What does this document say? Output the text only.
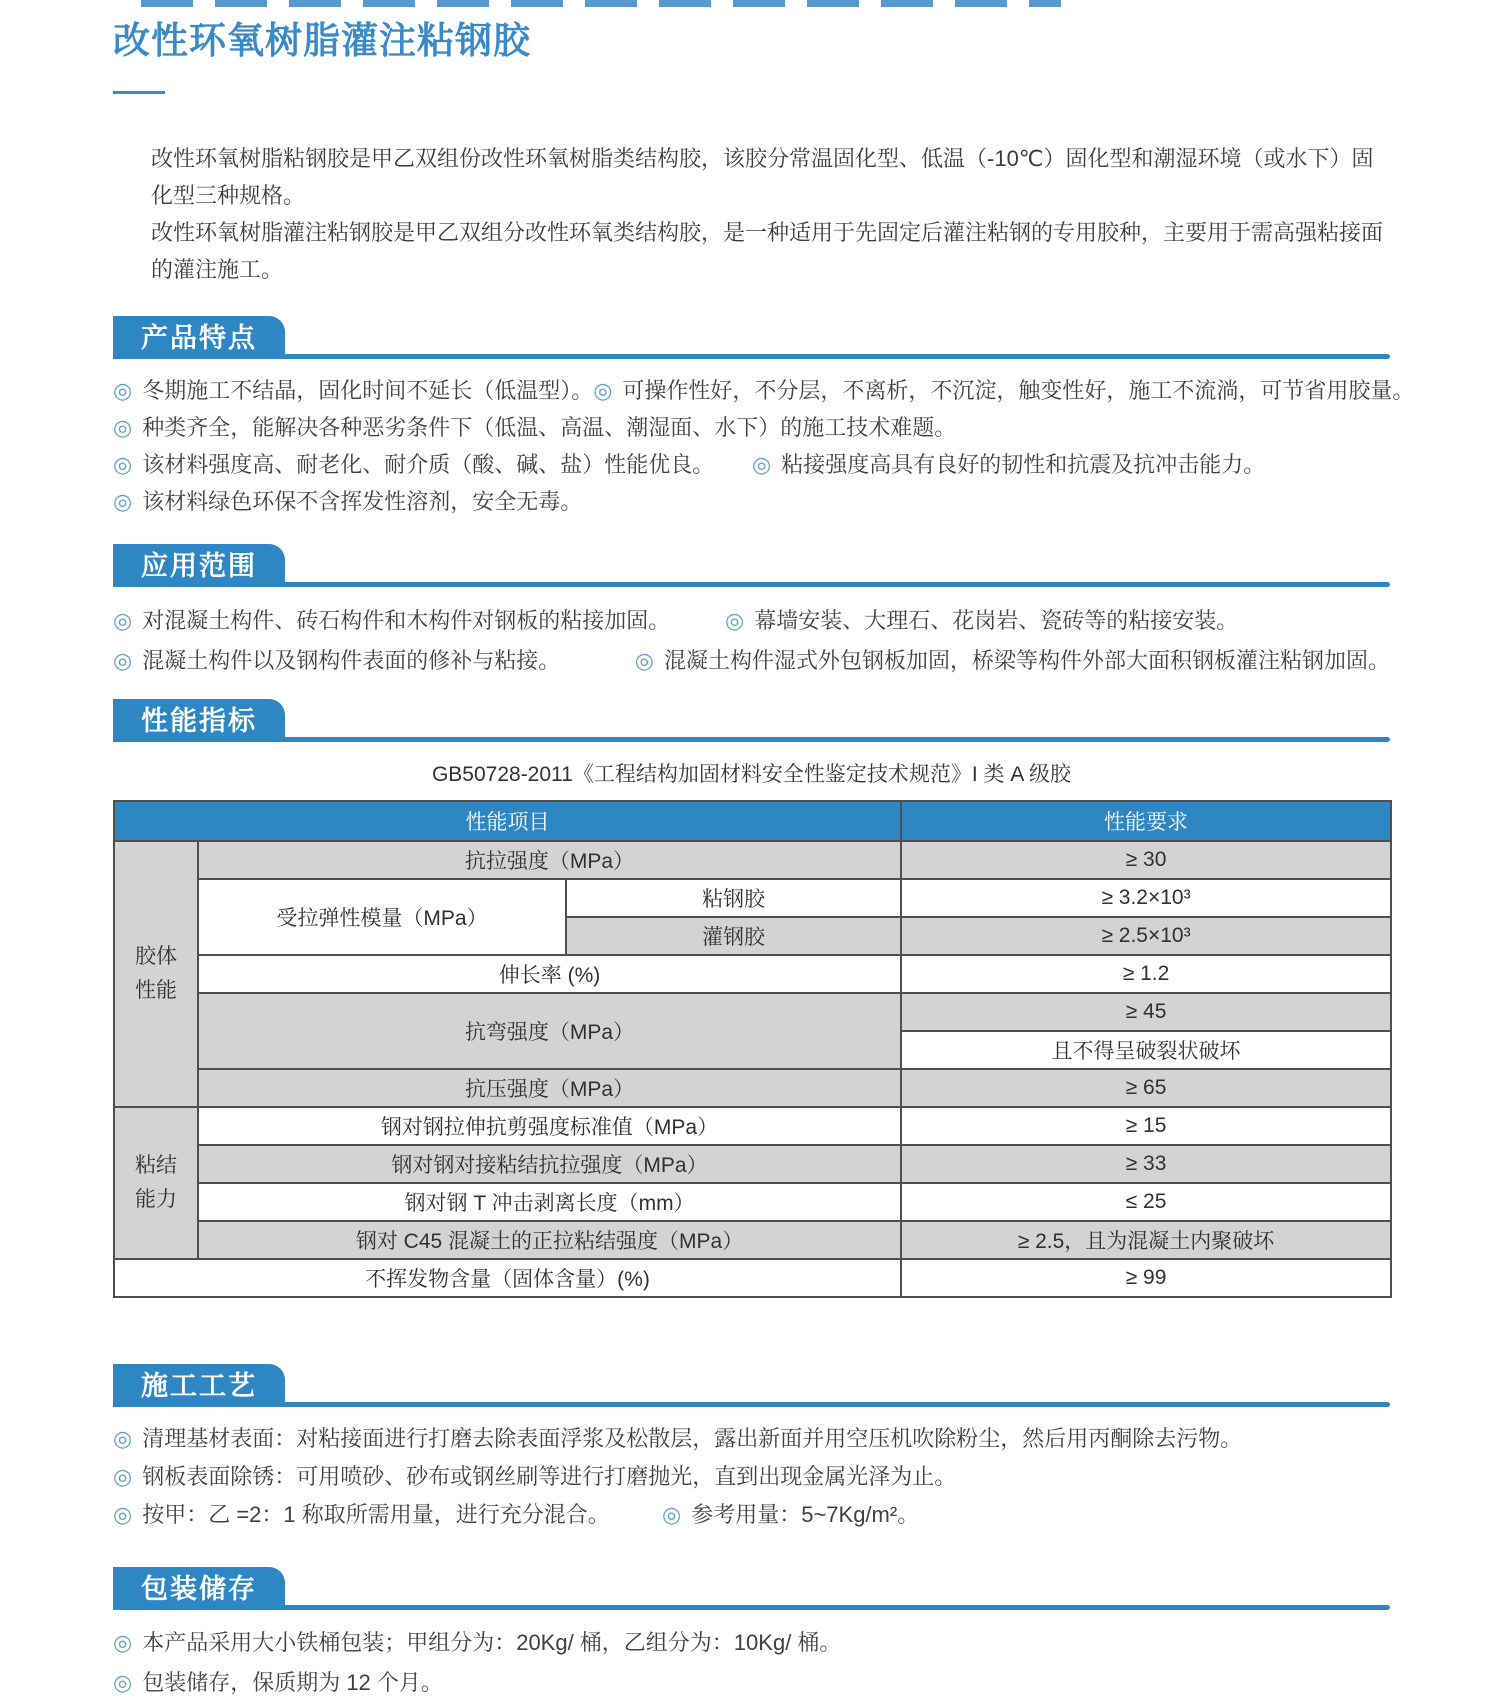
改性环氧树脂灌注粘钢胶
改性环氧树脂粘钢胶是甲乙双组份改性环氧树脂类结构胶，该胶分常温固化型、低温（-10℃）固化型和潮湿环境（或水下）固化型三种规格。
改性环氧树脂灌注粘钢胶是甲乙双组分改性环氧类结构胶，是一种适用于先固定后灌注粘钢的专用胶种，主要用于需高强粘接面的灌注施工。
产品特点
◎ 冬期施工不结晶，固化时间不延长（低温型）。 ◎ 可操作性好，不分层，不离析，不沉淀，触变性好，施工不流淌，可节省用胶量。
◎ 种类齐全，能解决各种恶劣条件下（低温、高温、潮湿面、水下）的施工技术难题。
◎ 该材料强度高、耐老化、耐介质（酸、碱、盐）性能优良。 ◎ 粘接强度高具有良好的韧性和抗震及抗冲击能力。
◎ 该材料绿色环保不含挥发性溶剂，安全无毒。
应用范围
◎ 对混凝土构件、砖石构件和木构件对钢板的粘接加固。 ◎ 幕墙安装、大理石、花岗岩、瓷砖等的粘接安装。
◎ 混凝土构件以及钢构件表面的修补与粘接。	◎ 混凝土构件湿式外包钢板加固，桥梁等构件外部大面积钢板灌注粘钢加固。
性能指标
GB50728-2011《工程结构加固材料安全性鉴定技术规范》I 类 A 级胶
性能项目			性能要求
胶体性能	抗拉强度（MPa）		≥ 30
	受拉弹性模量（MPa）	粘钢胶	≥ 3.2×10³
		灌钢胶	≥ 2.5×10³
	伸长率 (%)		≥ 1.2
	抗弯强度（MPa）		≥ 45
			且不得呈破裂状破坏
	抗压强度（MPa）		≥ 65
粘结能力	钢对钢拉伸抗剪强度标准值（MPa）		≥ 15
	钢对钢对接粘结抗拉强度（MPa）		≥ 33
	钢对钢 T 冲击剥离长度（mm）		≤ 25
	钢对 C45 混凝土的正拉粘结强度（MPa）		≥ 2.5，且为混凝土内聚破坏
不挥发物含量（固体含量）(%)			≥ 99
施工工艺
◎ 清理基材表面：对粘接面进行打磨去除表面浮浆及松散层，露出新面并用空压机吹除粉尘，然后用丙酮除去污物。
◎ 钢板表面除锈：可用喷砂、砂布或钢丝刷等进行打磨抛光，直到出现金属光泽为止。
◎ 按甲：乙 =2：1 称取所需用量，进行充分混合。 ◎ 参考用量：5~7Kg/m²。
包装储存
◎ 本产品采用大小铁桶包装；甲组分为：20Kg/ 桶，乙组分为：10Kg/ 桶。
◎ 包装储存，保质期为 12 个月。
